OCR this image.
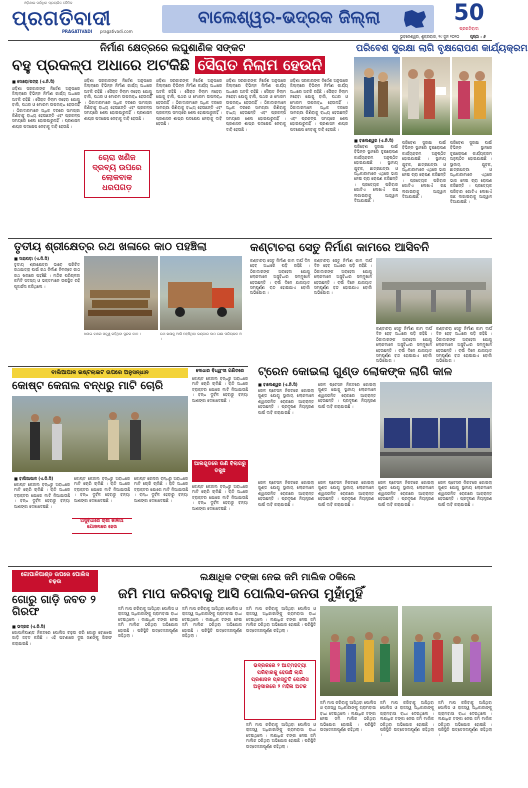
ଓଡ଼ିଶାର ସର୍ବାଧିକ ପ୍ରଚାରିତ ଦୈନିକ
ପ୍ରଗତିବାଦୀ
PRAGATIVADI pragativadi.com
ବାଲେଶ୍ୱର-ଭଦ୍ରକ ଜିଲ୍ଲା	50
ପ୍ରଗତିବାଦୀ
ଭୁବନେଶ୍ୱର, ଶୁକ୍ରବାର, ୧୯ ଜୁନ ୨୦୨୦	ପୃଷ୍ଠା : ୬
ନିର୍ମାଣ କ୍ଷେତ୍ରରେ ଲଘୁଶାଣିକ ସଙ୍କଟ
ବହୁ ପ୍ରକଳ୍ପ ଅଧାରେ ଅଟକିଛି ସୈରାତ ନିଲାମ ହେଉନି
■ ସୋରୋ/ପତ୍ରା (ଏ.ନି.ସି)
ଓଡ଼ିଶା ସରକାରଙ୍କ ନିର୍ଦ୍ଦେଶ ଅନୁସାରେ ଜିଲ୍ଲାରେ ବିଭିନ୍ନ ନିର୍ମାଣ କାର୍ଯ୍ୟ ଅଧାରେ ଅଟକି ରହିଛି । ସୈରାତ ନିଲାମ ନହେବା ଯୋଗୁ ବାଲି, ପଥର ଓ ମୋରମ ଉପଲବ୍ଧ ହେଉନାହିଁ । ଠିକାଦାରମାନେ ଅଧିକ ଦରରେ ସାମଗ୍ରୀ କିଣିବାକୁ ବାଧ୍ୟ ହେଉଛନ୍ତି ଏବଂ ପ୍ରକଳ୍ପ ସମୟରେ ଶେଷ ହୋଇପାରୁନାହିଁ । ପ୍ରଶାସନ ଶୀଘ୍ର ପଦକ୍ଷେପ ନେବାକୁ ଦାବି ହେଉଛି ।
ଓଡ଼ିଶା ସରକାରଙ୍କ ନିର୍ଦ୍ଦେଶ ଅନୁସାରେ ଜିଲ୍ଲାରେ ବିଭିନ୍ନ ନିର୍ମାଣ କାର୍ଯ୍ୟ ଅଧାରେ ଅଟକି ରହିଛି । ସୈରାତ ନିଲାମ ନହେବା ଯୋଗୁ ବାଲି, ପଥର ଓ ମୋରମ ଉପଲବ୍ଧ ହେଉନାହିଁ । ଠିକାଦାରମାନେ ଅଧିକ ଦରରେ ସାମଗ୍ରୀ କିଣିବାକୁ ବାଧ୍ୟ ହେଉଛନ୍ତି ଏବଂ ପ୍ରକଳ୍ପ ସମୟରେ ଶେଷ ହୋଇପାରୁନାହିଁ । ପ୍ରଶାସନ ଶୀଘ୍ର ପଦକ୍ଷେପ ନେବାକୁ ଦାବି ହେଉଛି ।
ଚୋରା ଖଣିଜ ଦ୍ରବ୍ୟ ଉପରେ ଲୋକବାକ ଧରପଗଡ଼
ଓଡ଼ିଶା ସରକାରଙ୍କ ନିର୍ଦ୍ଦେଶ ଅନୁସାରେ ଜିଲ୍ଲାରେ ବିଭିନ୍ନ ନିର୍ମାଣ କାର୍ଯ୍ୟ ଅଧାରେ ଅଟକି ରହିଛି । ସୈରାତ ନିଲାମ ନହେବା ଯୋଗୁ ବାଲି, ପଥର ଓ ମୋରମ ଉପଲବ୍ଧ ହେଉନାହିଁ । ଠିକାଦାରମାନେ ଅଧିକ ଦରରେ ସାମଗ୍ରୀ କିଣିବାକୁ ବାଧ୍ୟ ହେଉଛନ୍ତି ଏବଂ ପ୍ରକଳ୍ପ ସମୟରେ ଶେଷ ହୋଇପାରୁନାହିଁ । ପ୍ରଶାସନ ଶୀଘ୍ର ପଦକ୍ଷେପ ନେବାକୁ ଦାବି ହେଉଛି ।
ଓଡ଼ିଶା ସରକାରଙ୍କ ନିର୍ଦ୍ଦେଶ ଅନୁସାରେ ଜିଲ୍ଲାରେ ବିଭିନ୍ନ ନିର୍ମାଣ କାର୍ଯ୍ୟ ଅଧାରେ ଅଟକି ରହିଛି । ସୈରାତ ନିଲାମ ନହେବା ଯୋଗୁ ବାଲି, ପଥର ଓ ମୋରମ ଉପଲବ୍ଧ ହେଉନାହିଁ । ଠିକାଦାରମାନେ ଅଧିକ ଦରରେ ସାମଗ୍ରୀ କିଣିବାକୁ ବାଧ୍ୟ ହେଉଛନ୍ତି ଏବଂ ପ୍ରକଳ୍ପ ସମୟରେ ଶେଷ ହୋଇପାରୁନାହିଁ । ପ୍ରଶାସନ ଶୀଘ୍ର ପଦକ୍ଷେପ ନେବାକୁ ଦାବି ହେଉଛି ।
ଓଡ଼ିଶା ସରକାରଙ୍କ ନିର୍ଦ୍ଦେଶ ଅନୁସାରେ ଜିଲ୍ଲାରେ ବିଭିନ୍ନ ନିର୍ମାଣ କାର୍ଯ୍ୟ ଅଧାରେ ଅଟକି ରହିଛି । ସୈରାତ ନିଲାମ ନହେବା ଯୋଗୁ ବାଲି, ପଥର ଓ ମୋରମ ଉପଲବ୍ଧ ହେଉନାହିଁ । ଠିକାଦାରମାନେ ଅଧିକ ଦରରେ ସାମଗ୍ରୀ କିଣିବାକୁ ବାଧ୍ୟ ହେଉଛନ୍ତି ଏବଂ ପ୍ରକଳ୍ପ ସମୟରେ ଶେଷ ହୋଇପାରୁନାହିଁ । ପ୍ରଶାସନ ଶୀଘ୍ର ପଦକ୍ଷେପ ନେବାକୁ ଦାବି ହେଉଛି ।
ପରିବେଶ ସୁରକ୍ଷା ଲାଗି ବୃକ୍ଷରୋପଣ କାର୍ଯ୍ୟକ୍ରମ
■ ବାଲେଶ୍ୱର (ଏ.ନି.ସି)
ପରିବେଶ ସୁରକ୍ଷା ପାଇଁ ବିଭିନ୍ନ ସ୍ଥାନରେ ବୃକ୍ଷରୋପଣ କାର୍ଯ୍ୟକ୍ରମ ଅନୁଷ୍ଠିତ ହୋଇଯାଇଛି । ସ୍ଥାନୀୟ ଯୁବକ, ଛାତ୍ରଛାତ୍ରୀ ଓ ଅଧିକାରୀମାନେ ଏଥିରେ ଭାଗ ନେଇ ଚାରା ରୋପଣ କରିଛନ୍ତି । ପ୍ରତ୍ୟେକ ପରିବାର ଗୋଟିଏ ଲେଖାଏଁ ଗଛ ଲଗାଇବାକୁ ଆହ୍ୱାନ ଦିଆଯାଇଛି ।
ପରିବେଶ ସୁରକ୍ଷା ପାଇଁ ବିଭିନ୍ନ ସ୍ଥାନରେ ବୃକ୍ଷରୋପଣ କାର୍ଯ୍ୟକ୍ରମ ଅନୁଷ୍ଠିତ ହୋଇଯାଇଛି । ସ୍ଥାନୀୟ ଯୁବକ, ଛାତ୍ରଛାତ୍ରୀ ଓ ଅଧିକାରୀମାନେ ଏଥିରେ ଭାଗ ନେଇ ଚାରା ରୋପଣ କରିଛନ୍ତି । ପ୍ରତ୍ୟେକ ପରିବାର ଗୋଟିଏ ଲେଖାଏଁ ଗଛ ଲଗାଇବାକୁ ଆହ୍ୱାନ ଦିଆଯାଇଛି ।
ପରିବେଶ ସୁରକ୍ଷା ପାଇଁ ବିଭିନ୍ନ ସ୍ଥାନରେ ବୃକ୍ଷରୋପଣ କାର୍ଯ୍ୟକ୍ରମ ଅନୁଷ୍ଠିତ ହୋଇଯାଇଛି । ସ୍ଥାନୀୟ ଯୁବକ, ଛାତ୍ରଛାତ୍ରୀ ଓ ଅଧିକାରୀମାନେ ଏଥିରେ ଭାଗ ନେଇ ଚାରା ରୋପଣ କରିଛନ୍ତି । ପ୍ରତ୍ୟେକ ପରିବାର ଗୋଟିଏ ଲେଖାଏଁ ଗଛ ଲଗାଇବାକୁ ଆହ୍ୱାନ ଦିଆଯାଇଛି ।
ତୃତୀୟ ଶ୍ରୀକ୍ଷେତ୍ର ରଥ ଖଳାରେ କାଠ ପହଞ୍ଚିଲା
■ ସାହାପଡ଼ା (ଏ.ନି.ସି)
ତୃତୀୟ ଶ୍ରୀକ୍ଷେତ୍ର ଭାବେ ପରିଚିତ ରଥଯାତ୍ରା ପାଇଁ ରଥ ନିର୍ମାଣ ନିମନ୍ତେ କାଠ ରଥ ଖଳାରେ ପହଞ୍ଚିଛି । ମନ୍ଦିର ପରିଚାଳନା କମିଟି ସଦସ୍ୟ ଓ ଭକ୍ତମାନେ ଉପସ୍ଥିତ ରହି ପୂଜାର୍ଚ୍ଚନା କରିଥିଲେ ।
ଧନାଇ ବାଲେ ସତ୍ତ୍ୱ ରହିଥିବା ସୁନ୍ଦର କାଠ ।	ରଥ ଖଳାକୁ ଆସି ପହଞ୍ଚିଥିବା ଭଣ୍ଡାର କାଠ ଗଣା ପରିଚାଳକ ଓ ।
କଣ୍ଟାଚରା ସେତୁ ନିର୍ମାଣ କାମରେ ଆସିବନି
କଣ୍ଟାଚରା ସେତୁ ନିର୍ମାଣ କାମ ଦୀର୍ଘ ଦିନ ହେବ ଅଧାରେ ପଡ଼ି ରହିଛି । ଠିକାଦାରଙ୍କ ଅବହେଳା ଯୋଗୁ ଲୋକମାନେ ଅସୁବିଧାର ସମ୍ମୁଖୀନ ହେଉଛନ୍ତି । ବର୍ଷା ଦିନେ ଯାତାୟାତ ସମ୍ପୂର୍ଣ୍ଣ ବନ୍ଦ ହୋଇଯାଏ ବୋଲି ଅଭିଯୋଗ ।
କଣ୍ଟାଚରା ସେତୁ ନିର୍ମାଣ କାମ ଦୀର୍ଘ ଦିନ ହେବ ଅଧାରେ ପଡ଼ି ରହିଛି । ଠିକାଦାରଙ୍କ ଅବହେଳା ଯୋଗୁ ଲୋକମାନେ ଅସୁବିଧାର ସମ୍ମୁଖୀନ ହେଉଛନ୍ତି । ବର୍ଷା ଦିନେ ଯାତାୟାତ ସମ୍ପୂର୍ଣ୍ଣ ବନ୍ଦ ହୋଇଯାଏ ବୋଲି ଅଭିଯୋଗ ।
କଣ୍ଟାଚରା ସେତୁ ନିର୍ମାଣ କାମ ଦୀର୍ଘ ଦିନ ହେବ ଅଧାରେ ପଡ଼ି ରହିଛି । ଠିକାଦାରଙ୍କ ଅବହେଳା ଯୋଗୁ ଲୋକମାନେ ଅସୁବିଧାର ସମ୍ମୁଖୀନ ହେଉଛନ୍ତି । ବର୍ଷା ଦିନେ ଯାତାୟାତ ସମ୍ପୂର୍ଣ୍ଣ ବନ୍ଦ ହୋଇଯାଏ ବୋଲି ଅଭିଯୋଗ ।
କଣ୍ଟାଚରା ସେତୁ ନିର୍ମାଣ କାମ ଦୀର୍ଘ ଦିନ ହେବ ଅଧାରେ ପଡ଼ି ରହିଛି । ଠିକାଦାରଙ୍କ ଅବହେଳା ଯୋଗୁ ଲୋକମାନେ ଅସୁବିଧାର ସମ୍ମୁଖୀନ ହେଉଛନ୍ତି । ବର୍ଷା ଦିନେ ଯାତାୟାତ ସମ୍ପୂର୍ଣ୍ଣ ବନ୍ଦ ହୋଇଯାଏ ବୋଲି ଅଭିଯୋଗ ।
ବାଲିଆପାଳ ଇଷ୍ଟଲାଇଟ ଉପରେ ଅନୁସନ୍ଧାନ
କୋଷ୍ଟ କେନାଲ ବନ୍ଧରୁ ମାଟି ଚୋରି
■ ବାଲିଆପାଳ (ଏ.ନି.ସି)
କୋଷ୍ଟ କେନାଲ ବନ୍ଧରୁ ଅବାଧରେ ମାଟି ଚୋରି ଚାଲିଛି । ରାତି ଅଧରେ ଟ୍ରାକ୍ଟର ଯୋଗେ ମାଟି ନିଆଯାଉଛି । ବନ୍ଧ ଦୁର୍ବଳ ହେବାରୁ ବନ୍ୟା ଆଶଙ୍କା ଦେଖାଦେଇଛି ।
କୋଷ୍ଟ କେନାଲ ବନ୍ଧରୁ ଅବାଧରେ ମାଟି ଚୋରି ଚାଲିଛି । ରାତି ଅଧରେ ଟ୍ରାକ୍ଟର ଯୋଗେ ମାଟି ନିଆଯାଉଛି । ବନ୍ଧ ଦୁର୍ବଳ ହେବାରୁ ବନ୍ୟା ଆଶଙ୍କା ଦେଖାଦେଇଛି ।
କୋଷ୍ଟ କେନାଲ ବନ୍ଧରୁ ଅବାଧରେ ମାଟି ଚୋରି ଚାଲିଛି । ରାତି ଅଧରେ ଟ୍ରାକ୍ଟର ଯୋଗେ ମାଟି ନିଆଯାଉଛି । ବନ୍ଧ ଦୁର୍ବଳ ହେବାରୁ ବନ୍ୟା ଆଶଙ୍କା ଦେଖାଦେଇଛି ।
ଅସୁବିଧାରେ ଚାଷୀ କାଳିଆ ଯୋଜନାରେ ହେଉ
ଦୋଧାର ବିଧ୍ୱଂସୀ ଗଣିତରେ
କୋଷ୍ଟ କେନାଲ ବନ୍ଧରୁ ଅବାଧରେ ମାଟି ଚୋରି ଚାଲିଛି । ରାତି ଅଧରେ ଟ୍ରାକ୍ଟର ଯୋଗେ ମାଟି ନିଆଯାଉଛି । ବନ୍ଧ ଦୁର୍ବଳ ହେବାରୁ ବନ୍ୟା ଆଶଙ୍କା ଦେଖାଦେଇଛି ।
ଆଲଗୁଡରେ ଉଣି ବିଲାଗରୁ ଡକୁଛ
କୋଷ୍ଟ କେନାଲ ବନ୍ଧରୁ ଅବାଧରେ ମାଟି ଚୋରି ଚାଲିଛି । ରାତି ଅଧରେ ଟ୍ରାକ୍ଟର ଯୋଗେ ମାଟି ନିଆଯାଉଛି । ବନ୍ଧ ଦୁର୍ବଳ ହେବାରୁ ବନ୍ୟା ଆଶଙ୍କା ଦେଖାଦେଇଛି ।
ଟ୍ରେନ କୋଇଲା ଗୁଣ୍ଡ ଲୋକଙ୍କ ଲାଗି କାଳ
■ ବାଲେଶ୍ୱର (ଏ.ନି.ସି)
ରେଳ ଷ୍ଟେସନ ନିକଟରେ କୋଇଲା ଗୁଣ୍ଡ ଯୋଗୁ ସ୍ଥାନୀୟ ଲୋକମାନେ ଶ୍ୱାସଜନିତ ରୋଗରେ ଆକ୍ରାନ୍ତ ହେଉଛନ୍ତି । ପ୍ରଦୂଷଣ ନିୟନ୍ତ୍ରଣ ପାଇଁ ଦାବି କରାଯାଇଛି ।
ରେଳ ଷ୍ଟେସନ ନିକଟରେ କୋଇଲା ଗୁଣ୍ଡ ଯୋଗୁ ସ୍ଥାନୀୟ ଲୋକମାନେ ଶ୍ୱାସଜନିତ ରୋଗରେ ଆକ୍ରାନ୍ତ ହେଉଛନ୍ତି । ପ୍ରଦୂଷଣ ନିୟନ୍ତ୍ରଣ ପାଇଁ ଦାବି କରାଯାଇଛି ।
ରେଳ ଷ୍ଟେସନ ନିକଟରେ କୋଇଲା ଗୁଣ୍ଡ ଯୋଗୁ ସ୍ଥାନୀୟ ଲୋକମାନେ ଶ୍ୱାସଜନିତ ରୋଗରେ ଆକ୍ରାନ୍ତ ହେଉଛନ୍ତି । ପ୍ରଦୂଷଣ ନିୟନ୍ତ୍ରଣ ପାଇଁ ଦାବି କରାଯାଇଛି ।
ରେଳ ଷ୍ଟେସନ ନିକଟରେ କୋଇଲା ଗୁଣ୍ଡ ଯୋଗୁ ସ୍ଥାନୀୟ ଲୋକମାନେ ଶ୍ୱାସଜନିତ ରୋଗରେ ଆକ୍ରାନ୍ତ ହେଉଛନ୍ତି । ପ୍ରଦୂଷଣ ନିୟନ୍ତ୍ରଣ ପାଇଁ ଦାବି କରାଯାଇଛି ।
ରେଳ ଷ୍ଟେସନ ନିକଟରେ କୋଇଲା ଗୁଣ୍ଡ ଯୋଗୁ ସ୍ଥାନୀୟ ଲୋକମାନେ ଶ୍ୱାସଜନିତ ରୋଗରେ ଆକ୍ରାନ୍ତ ହେଉଛନ୍ତି । ପ୍ରଦୂଷଣ ନିୟନ୍ତ୍ରଣ ପାଇଁ ଦାବି କରାଯାଇଛି ।
ରେଳ ଷ୍ଟେସନ ନିକଟରେ କୋଇଲା ଗୁଣ୍ଡ ଯୋଗୁ ସ୍ଥାନୀୟ ଲୋକମାନେ ଶ୍ୱାସଜନିତ ରୋଗରେ ଆକ୍ରାନ୍ତ ହେଉଛନ୍ତି । ପ୍ରଦୂଷଣ ନିୟନ୍ତ୍ରଣ ପାଇଁ ଦାବି କରାଯାଇଛି ।
ଗୋପାଳିପାଣ୍ଡ ଉପରେ ପୋଲିସ ଚଢ଼ଉ
ଗୋରୁ ଗାଡ଼ି ଜବତ ୨ ଗିରଫ
■ ଭଦ୍ରକ (ଏ.ନି.ସି)
ଗୋପାଳିପାଣ୍ଡ ନିକଟରେ ପୋଲିସ ଚଢ଼ଉ କରି ଗୋରୁ ବୋଝେଇ ଗାଡ଼ି ଜବତ କରିଛି । ଏହି ଘଟଣାରେ ଦୁଇ ଜଣଙ୍କୁ ଗିରଫ କରାଯାଇଛି ।
ଲକ୍ଷାଧିକ ଟଙ୍କା ନେଇ ଜମି ମାଲିକ ଠକିଲେ
ଜମି ମାପ କରିବାକୁ ଆସି ପୋଲିସ-ଜନତା ମୁହାଁମୁହିଁ
ଜମି ମାପ କରିବାକୁ ଆସିଥିବା ପୋଲିସ ଓ ରାଜସ୍ୱ ଅଧିକାରୀଙ୍କୁ ଗ୍ରାମବାସୀ ବାଧା ଦେଇଥିଲେ । ଲକ୍ଷାଧିକ ଟଙ୍କା ନେଇ ଜମି ମାଲିକ ଠକିଥିବା ଅଭିଯୋଗ ହୋଇଛି । ପରିସ୍ଥିତି ଉତ୍ତେଜନାପୂର୍ଣ୍ଣ ରହିଥିଲା ।
ଜମି ମାପ କରିବାକୁ ଆସିଥିବା ପୋଲିସ ଓ ରାଜସ୍ୱ ଅଧିକାରୀଙ୍କୁ ଗ୍ରାମବାସୀ ବାଧା ଦେଇଥିଲେ । ଲକ୍ଷାଧିକ ଟଙ୍କା ନେଇ ଜମି ମାଲିକ ଠକିଥିବା ଅଭିଯୋଗ ହୋଇଛି । ପରିସ୍ଥିତି ଉତ୍ତେଜନାପୂର୍ଣ୍ଣ ରହିଥିଲା ।
ଭଦ୍ରକରେ ୨ ଆତ୍ମହତ୍ୟା ପରିବାରକୁ ହେଉଛି ଲାଗି ପ୍ରଶାସନ ପ୍ରସ୍ତୁତି ପୋଲିସ ଅନୁସାରରେ ୨ ମହିଳା ଅଟକ
ଜମି ମାପ କରିବାକୁ ଆସିଥିବା ପୋଲିସ ଓ ରାଜସ୍ୱ ଅଧିକାରୀଙ୍କୁ ଗ୍ରାମବାସୀ ବାଧା ଦେଇଥିଲେ । ଲକ୍ଷାଧିକ ଟଙ୍କା ନେଇ ଜମି ମାଲିକ ଠକିଥିବା ଅଭିଯୋଗ ହୋଇଛି । ପରିସ୍ଥିତି ଉତ୍ତେଜନାପୂର୍ଣ୍ଣ ରହିଥିଲା ।
ଜମି ମାପ କରିବାକୁ ଆସିଥିବା ପୋଲିସ ଓ ରାଜସ୍ୱ ଅଧିକାରୀଙ୍କୁ ଗ୍ରାମବାସୀ ବାଧା ଦେଇଥିଲେ । ଲକ୍ଷାଧିକ ଟଙ୍କା ନେଇ ଜମି ମାଲିକ ଠକିଥିବା ଅଭିଯୋଗ ହୋଇଛି । ପରିସ୍ଥିତି ଉତ୍ତେଜନାପୂର୍ଣ୍ଣ ରହିଥିଲା ।
ଜମି ମାପ କରିବାକୁ ଆସିଥିବା ପୋଲିସ ଓ ରାଜସ୍ୱ ଅଧିକାରୀଙ୍କୁ ଗ୍ରାମବାସୀ ବାଧା ଦେଇଥିଲେ । ଲକ୍ଷାଧିକ ଟଙ୍କା ନେଇ ଜମି ମାଲିକ ଠକିଥିବା ଅଭିଯୋଗ ହୋଇଛି । ପରିସ୍ଥିତି ଉତ୍ତେଜନାପୂର୍ଣ୍ଣ ରହିଥିଲା ।
ଜମି ମାପ କରିବାକୁ ଆସିଥିବା ପୋଲିସ ଓ ରାଜସ୍ୱ ଅଧିକାରୀଙ୍କୁ ଗ୍ରାମବାସୀ ବାଧା ଦେଇଥିଲେ । ଲକ୍ଷାଧିକ ଟଙ୍କା ନେଇ ଜମି ମାଲିକ ଠକିଥିବା ଅଭିଯୋଗ ହୋଇଛି । ପରିସ୍ଥିତି ଉତ୍ତେଜନାପୂର୍ଣ୍ଣ ରହିଥିଲା ।
ଜମି ମାପ କରିବାକୁ ଆସିଥିବା ପୋଲିସ ଓ ରାଜସ୍ୱ ଅଧିକାରୀଙ୍କୁ ଗ୍ରାମବାସୀ ବାଧା ଦେଇଥିଲେ । ଲକ୍ଷାଧିକ ଟଙ୍କା ନେଇ ଜମି ମାଲିକ ଠକିଥିବା ଅଭିଯୋଗ ହୋଇଛି । ପରିସ୍ଥିତି ଉତ୍ତେଜନାପୂର୍ଣ୍ଣ ରହିଥିଲା ।
